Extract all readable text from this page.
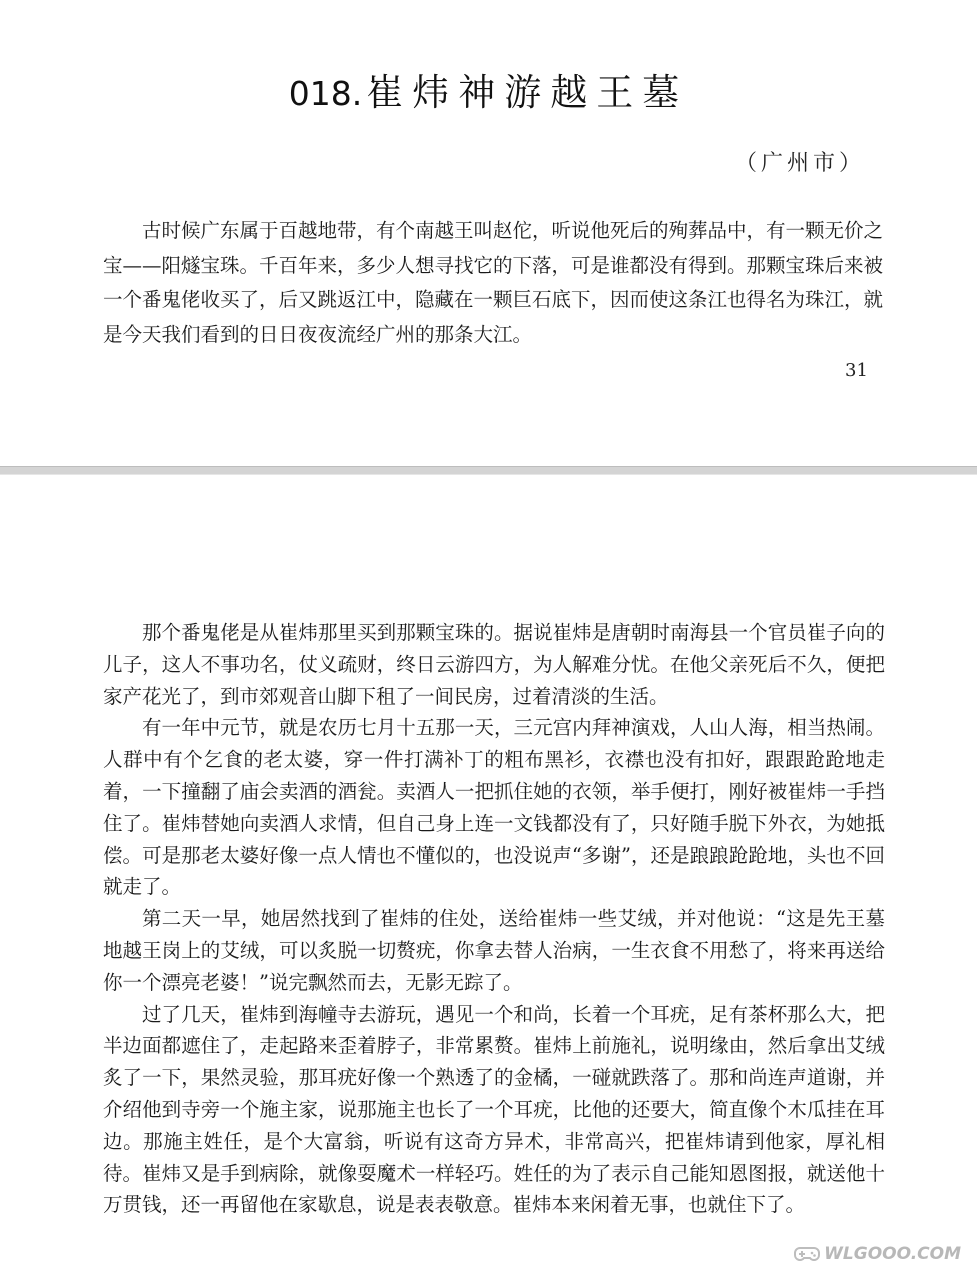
018. 崔炜神游越王墓
（广州市）

古时候广东属于百越地带，有个南越王叫赵佗，听说他死后的殉葬品中，有一颗无价之宝——阳燧宝珠。千百年来，多少人想寻找它的下落，可是谁都没有得到。那颗宝珠后来被一个番鬼佬收买了，后又跳返江中，隐藏在一颗巨石底下，因而使这条江也得名为珠江，就是今天我们看到的日日夜夜流经广州的那条大江。

31

那个番鬼佬是从崔炜那里买到那颗宝珠的。据说崔炜是唐朝时南海县一个官员崔子向的儿子，这人不事功名，仗义疏财，终日云游四方，为人解难分忧。在他父亲死后不久，便把家产花光了，到市郊观音山脚下租了一间民房，过着清淡的生活。

有一年中元节，就是农历七月十五那一天，三元宫内拜神演戏，人山人海，相当热闹。人群中有个乞食的老太婆，穿一件打满补丁的粗布黑衫，衣襟也没有扣好，跟跟跄跄地走着，一下撞翻了庙会卖酒的酒瓮。卖酒人一把抓住她的衣领，举手便打，刚好被崔炜一手挡住了。崔炜替她向卖酒人求情，但自己身上连一文钱都没有了，只好随手脱下外衣，为她抵偿。可是那老太婆好像一点人情也不懂似的，也没说声“多谢”，还是踉踉跄跄地，头也不回就走了。

第二天一早，她居然找到了崔炜的住处，送给崔炜一些艾绒，并对他说：“这是先王墓地越王岗上的艾绒，可以炙脱一切赘疣，你拿去替人治病，一生衣食不用愁了，将来再送给你一个漂亮老婆！”说完飘然而去，无影无踪了。

过了几天，崔炜到海幢寺去游玩，遇见一个和尚，长着一个耳疣，足有茶杯那么大，把半边面都遮住了，走起路来歪着脖子，非常累赘。崔炜上前施礼，说明缘由，然后拿出艾绒炙了一下，果然灵验，那耳疣好像一个熟透了的金橘，一碰就跌落了。那和尚连声道谢，并介绍他到寺旁一个施主家，说那施主也长了一个耳疣，比他的还要大，简直像个木瓜挂在耳边。那施主姓任，是个大富翁，听说有这奇方异术，非常高兴，把崔炜请到他家，厚礼相待。崔炜又是手到病除，就像耍魔术一样轻巧。姓任的为了表示自己能知恩图报，就送他十万贯钱，还一再留他在家歇息，说是表表敬意。崔炜本来闲着无事，也就住下了。

WLGOOO.COM
